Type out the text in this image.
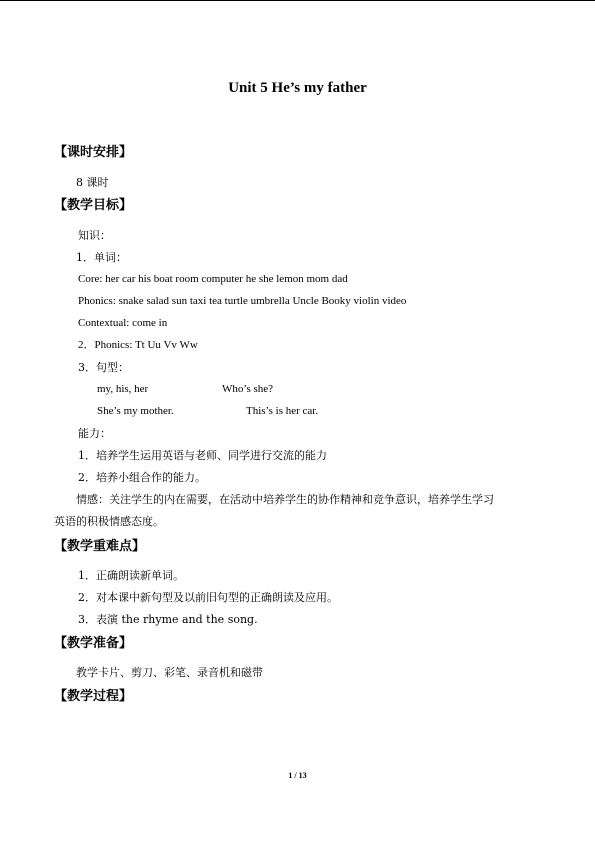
Unit 5 He’s my father
【课时安排】
8 课时
【教学目标】
知识：
1．单词：
Core: her car his boat room computer he she lemon mom dad
Phonics: snake salad sun taxi tea turtle umbrella Uncle Booky violin video
Contextual: come in
2．Phonics: Tt Uu Vv Ww
3．句型：
my, his, her	Who’s she?
She’s my mother.	This’s is her car.
能力：
1．培养学生运用英语与老师、同学进行交流的能力
2．培养小组合作的能力。
情感：关注学生的内在需要，在活动中培养学生的协作精神和竞争意识，培养学生学习
英语的积极情感态度。
【教学重难点】
1．正确朗读新单词。
2．对本课中新句型及以前旧句型的正确朗读及应用。
3．表演 the rhyme and the song.
【教学准备】
教学卡片、剪刀、彩笔、录音机和磁带
【教学过程】
1 / 13
